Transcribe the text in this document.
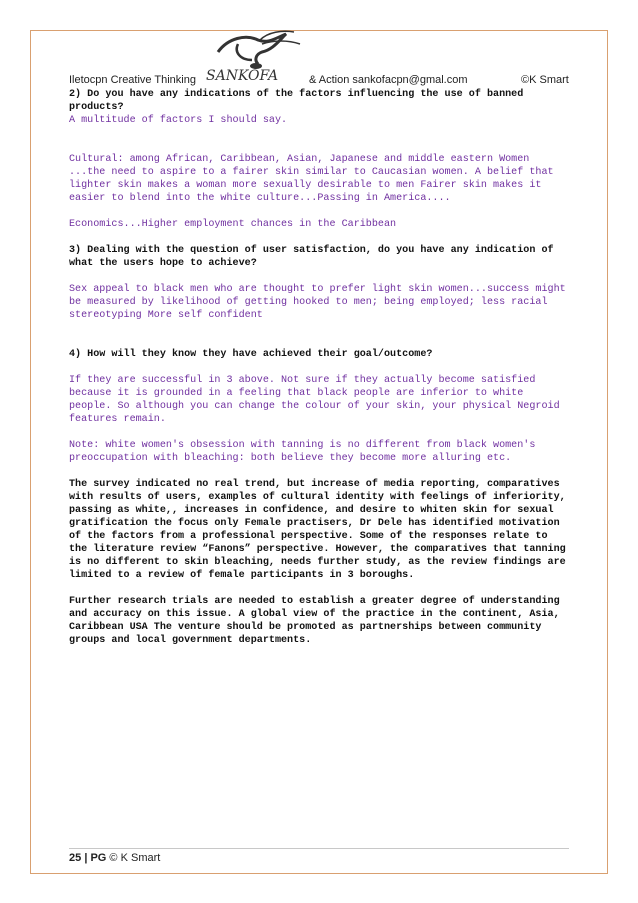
Iletocpn Creative Thinking	& Action sankofacpn@gmal.com	©K Smart
SANKOFA

2) Do you have any indications of the factors influencing the use of banned products?

A multitude of factors I should say.

Cultural: among African, Caribbean, Asian, Japanese and middle eastern Women ...the need to aspire to a fairer skin similar to Caucasian women. A belief that lighter skin makes a woman more sexually desirable to men Fairer skin makes it easier to blend into the white culture...Passing in America....

Economics...Higher employment chances in the Caribbean

3) Dealing with the question of user satisfaction, do you have any indication of what the users hope to achieve?

Sex appeal to black men who are thought to prefer light skin women...success might be measured by likelihood of getting hooked to men; being employed; less racial stereotyping More self confident

4) How will they know they have achieved their goal/outcome?

If they are successful in 3 above. Not sure if they actually become satisfied because it is grounded in a feeling that black people are inferior to white people. So although you can change the colour of your skin, your physical Negroid features remain.

Note: white women's obsession with tanning is no different from black women's preoccupation with bleaching: both believe they become more alluring etc.

The survey indicated no real trend, but increase of media reporting, comparatives with results of users, examples of cultural identity with feelings of inferiority, passing as white,, increases in confidence, and desire to whiten skin for sexual gratification the focus only Female practisers, Dr Dele has identified motivation of the factors from a professional perspective. Some of the responses relate to the literature review “Fanons” perspective. However, the comparatives that tanning is no different to skin bleaching, needs further study, as the review findings are limited to a review of female participants in 3 boroughs.

Further research trials are needed to establish a greater degree of understanding and accuracy on this issue. A global view of the practice in the continent, Asia, Caribbean USA The venture should be promoted as partnerships between community groups and local government departments.

25 | PG © K Smart
